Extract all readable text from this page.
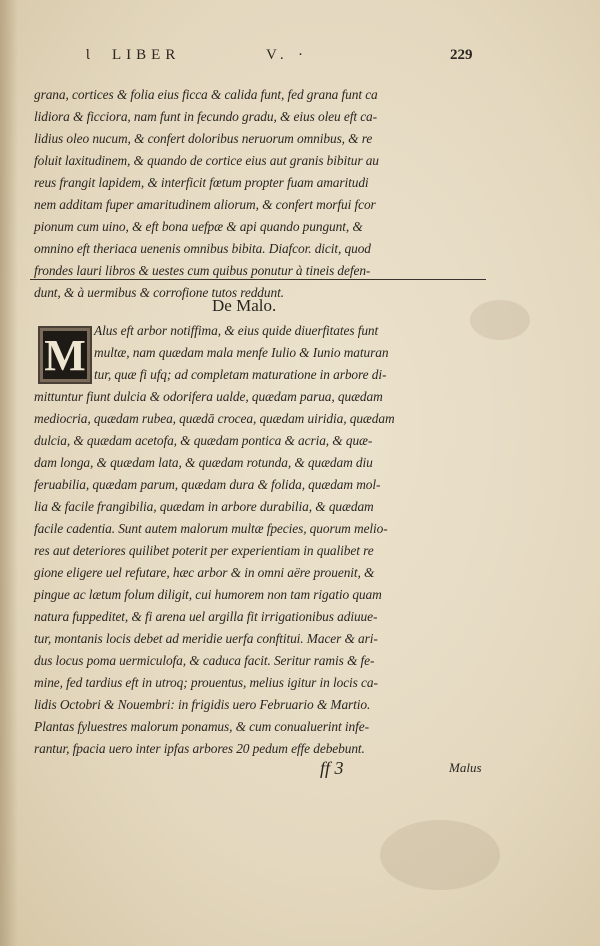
Ɩ LIBER	V. ·	229
grana, cortices & folia eius ficca & calida funt, fed grana funt ca
lidiora & ficciora, nam funt in fecundo gradu, & eius oleu eft ca-
lidius oleo nucum, & confert doloribus neruorum omnibus, & re
foluit laxitudinem, & quando de cortice eius aut granis bibitur au
reus frangit lapidem, & interficit fœtum propter fuam amaritudi
nem additam fuper amaritudinem aliorum, & confert morfui fcor
pionum cum uino, & eft bona uefpæ & api quando pungunt, &
omnino eft theriaca uenenis omnibus bibita. Diafcor. dicit, quod
frondes lauri libros & uestes cum quibus ponutur à tineis defen-
dunt, & à uermibus & corrofione tutos reddunt.
De Malo.
M Alus eft arbor notiffima, & eius quide diuerfitates funt
multæ, nam quædam mala menfe Iulio & Iunio maturan
tur, quæ fi ufq; ad completam maturatione in arbore di-
mittuntur fiunt dulcia & odorifera ualde, quædam parua, quædam
mediocria, quædam rubea, quædā crocea, quædam uiridia, quædam
dulcia, & quædam acetofa, & quædam pontica & acria, & quæ-
dam longa, & quædam lata, & quædam rotunda, & quædam diu
feruabilia, quædam parum, quædam dura & folida, quædam mol-
lia & facile frangibilia, quædam in arbore durabilia, & quædam
facile cadentia. Sunt autem malorum multæ fpecies, quorum melio-
res aut deteriores quilibet poterit per experientiam in qualibet re
gione eligere uel refutare, hæc arbor & in omni aëre prouenit, &
pingue ac lætum folum diligit, cui humorem non tam rigatio quam
natura fuppeditet, & fi arena uel argilla fit irrigationibus adiuue-
tur, montanis locis debet ad meridie uerfa conftitui. Macer & ari-
dus locus poma uermiculofa, & caduca facit. Seritur ramis & fe-
mine, fed tardius eft in utroq; prouentus, melius igitur in locis ca-
lidis Octobri & Nouembri: in frigidis uero Februario & Martio.
Plantas fyluestres malorum ponamus, & cum conualuerint infe-
rantur, fpacia uero inter ipfas arbores 20 pedum effe debebunt.
ff 3	Malus
